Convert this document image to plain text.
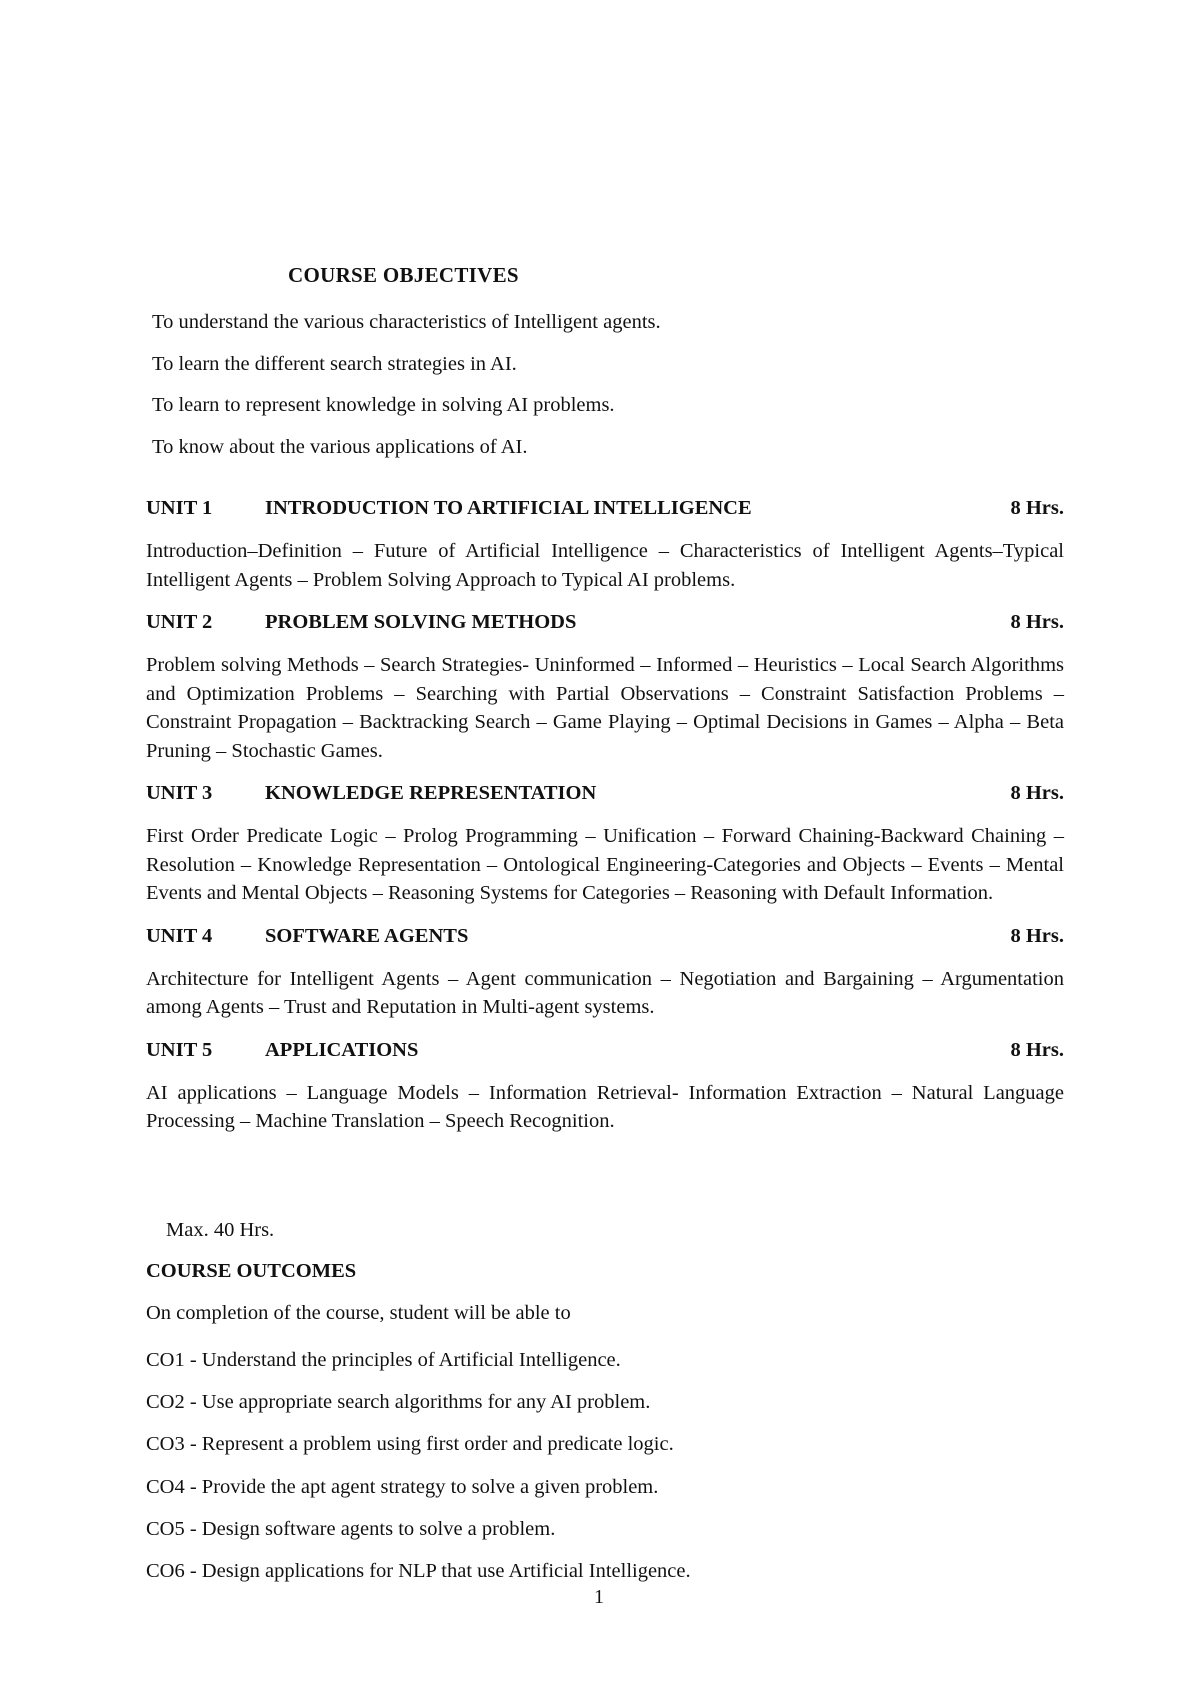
COURSE OBJECTIVES
To understand the various characteristics of Intelligent agents.
To learn the different search strategies in AI.
To learn to represent knowledge in solving AI problems.
To know about the various applications of AI.
UNIT 1	INTRODUCTION TO ARTIFICIAL INTELLIGENCE	8 Hrs.

Introduction–Definition – Future of Artificial Intelligence – Characteristics of Intelligent Agents–Typical Intelligent Agents – Problem Solving Approach to Typical AI problems.

UNIT 2	PROBLEM SOLVING METHODS	8 Hrs.

Problem solving Methods – Search Strategies- Uninformed – Informed – Heuristics – Local Search Algorithms and Optimization Problems – Searching with Partial Observations – Constraint Satisfaction Problems – Constraint Propagation – Backtracking Search – Game Playing – Optimal Decisions in Games – Alpha – Beta Pruning – Stochastic Games.

UNIT 3	KNOWLEDGE REPRESENTATION	8 Hrs.

First Order Predicate Logic – Prolog Programming – Unification – Forward Chaining-Backward Chaining – Resolution – Knowledge Representation – Ontological Engineering-Categories and Objects – Events – Mental Events and Mental Objects – Reasoning Systems for Categories – Reasoning with Default Information.

UNIT 4	SOFTWARE AGENTS	8 Hrs.

Architecture for Intelligent Agents – Agent communication – Negotiation and Bargaining – Argumentation among Agents – Trust and Reputation in Multi-agent systems.

UNIT 5	APPLICATIONS	8 Hrs.

AI applications – Language Models – Information Retrieval- Information Extraction – Natural Language Processing – Machine Translation – Speech Recognition.

Max. 40 Hrs.

COURSE OUTCOMES

On completion of the course, student will be able to

CO1 - Understand the principles of Artificial Intelligence.
CO2 - Use appropriate search algorithms for any AI problem.
CO3 - Represent a problem using first order and predicate logic.
CO4 - Provide the apt agent strategy to solve a given problem.
CO5 - Design software agents to solve a problem.
CO6 - Design applications for NLP that use Artificial Intelligence.

1
